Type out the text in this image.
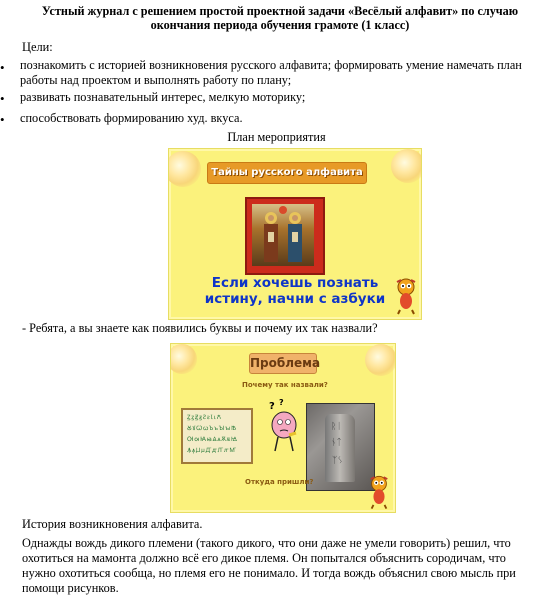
Устный журнал с решением простой проектной задачи «Весёлый алфавит» по случаю окончания периода обучения грамоте (1 класс)
Цели:
• познакомить с историей возникновения русского алфавита; формировать умение намечать план работы над проектом и выполнять работу по плану;
• развивать познавательный интерес, мелкую моторику;
• способствовать формированию худ. вкуса.
План мероприятия
Тайны русского алфавита
Если хочешь познать истину, начни с азбуки
- Ребята, а вы знаете как появились буквы и почему их так назвали?
Проблема
Почему так назвали?
ꙀꙁꙂꙃꙄꙅꙆꙇꙈ
ꙊꙋꙌꙍꙎꙏꙐꙑꙒ
ꙔꙕꙖꙗꙘꙙꙚꙛꙜ
ꙞꙟꙠꙡꙢꙣꙤꙥꙦ
? ?
ᚱᛁ
ᚾᛏ
ᛉᛊ
Откуда пришли?
История возникновения алфавита.
Однажды вождь дикого племени (такого дикого, что они даже не умели говорить) решил, что охотиться на мамонта должно всё его дикое племя. Он попытался объяснить сородичам, что нужно охотиться сообща, но племя его не понимало. И тогда вождь объяснил свою мысль при помощи рисунков.
